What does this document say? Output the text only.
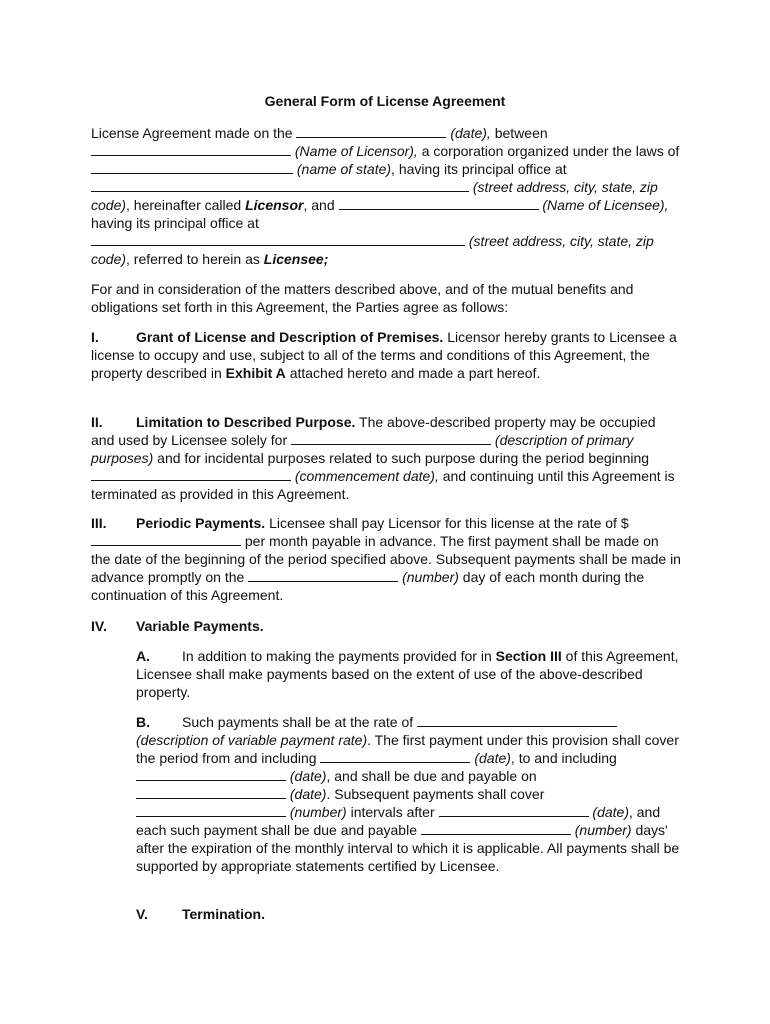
General Form of License Agreement
License Agreement made on the	(date), between
(Name of Licensor), a corporation organized under the laws of  (name of state), having its principal office at  (street address, city, state, zip code), hereinafter called Licensor, and	(Name of Licensee), having its principal office at
(street address, city, state, zip code), referred to herein as Licensee;
For and in consideration of the matters described above, and of the mutual benefits and obligations set forth in this Agreement, the Parties agree as follows:
I.	Grant of License and Description of Premises. Licensor hereby grants to Licensee a license to occupy and use, subject to all of the terms and conditions of this Agreement, the property described in Exhibit A attached hereto and made a part hereof.
II. Limitation to Described Purpose. The above-described property may be occupied and used by Licensee solely for	(description of primary purposes) and for incidental purposes related to such purpose during the period beginning  (commencement date), and continuing until this Agreement is terminated as provided in this Agreement.
III. Periodic Payments. Licensee shall pay Licensor for this license at the rate of $ per month payable in advance. The first payment shall be made on the date of the beginning of the period specified above. Subsequent payments shall be made in advance promptly on the	(number) day of each month during the continuation of this Agreement.
IV. Variable Payments.
A. In addition to making the payments provided for in Section III of this Agreement, Licensee shall make payments based on the extent of use of the above-described property.
B. Such payments shall be at the rate of  (description of variable payment rate). The first payment under this provision shall cover the period from and including	(date), to and including  (date), and shall be due and payable on  (date). Subsequent payments shall cover  (number) intervals after	(date), and each such payment shall be due and payable	(number) days' after the expiration of the monthly interval to which it is applicable. All payments shall be supported by appropriate statements certified by Licensee.
V. Termination.
